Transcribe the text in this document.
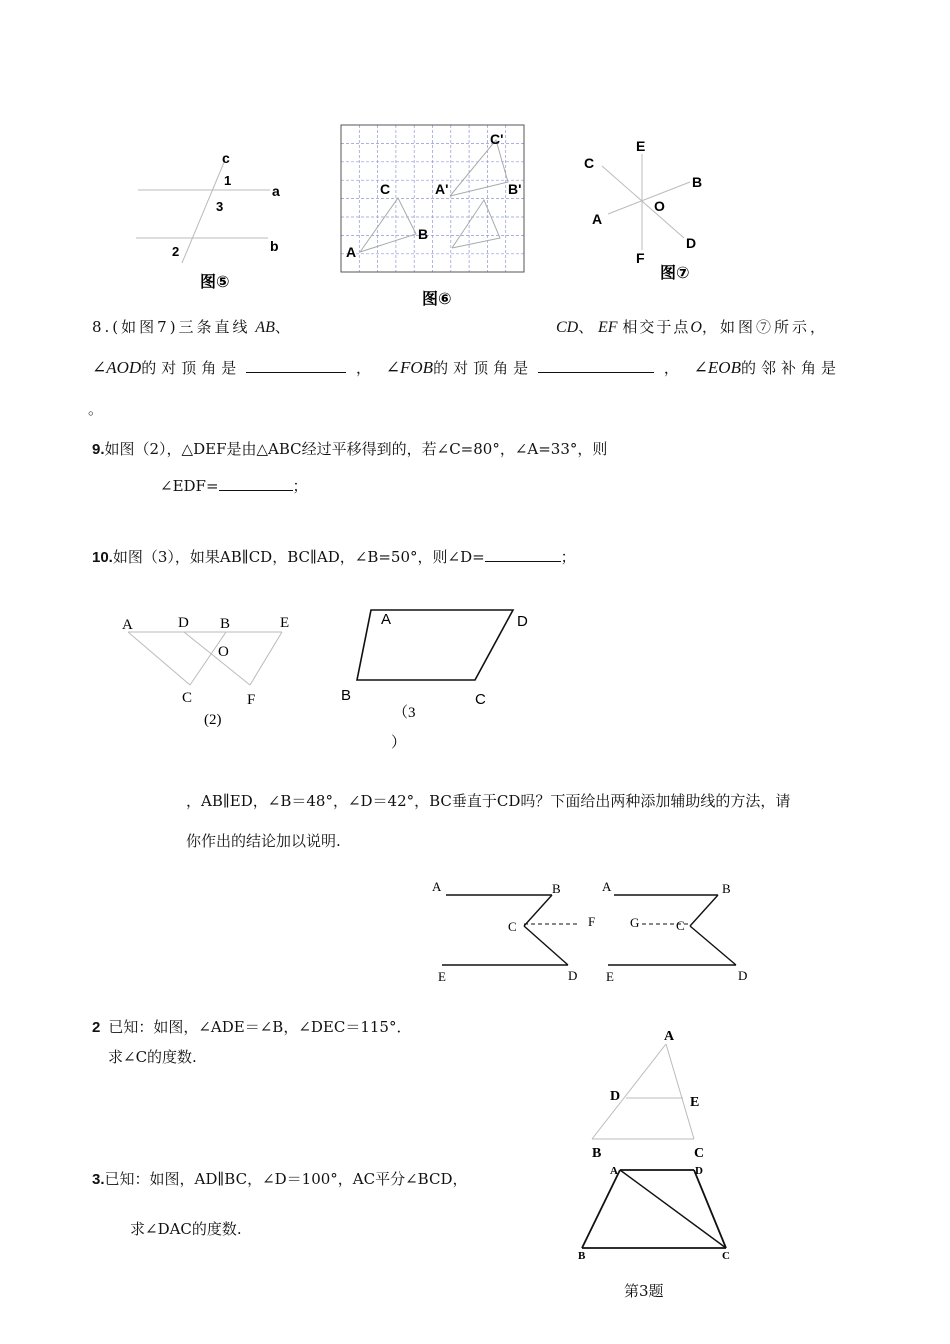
c
1
a
3
2	b
图⑤
A
B
C	A'	B'
C'
图⑥
E
C
B
O
A
D
F
图⑦
8.(如图7)三条直线 AB、	CD、 EF 相交于点O，如图⑦所示，
∠AOD的对顶角是	， ∠FOB的对顶角是	， ∠EOB的邻补角是
。
9.如图（2），△DEF是由△ABC经过平移得到的，若∠C=80°，∠A=33°，则
∠EDF=	；
10.如图（3），如果AB∥CD，BC∥AD，∠B=50°，则∠D=	；
A	D B	E
O
C	F
(2)
A	D
B	C
（3
）
，AB∥ED，∠B＝48°，∠D＝42°，BC垂直于CD吗？下面给出两种添加辅助线的方法，请
你作出的结论加以说明.
A	B
C	F
E	D
A	B
G	C
E	D
2 已知：如图，∠ADE＝∠B，∠DEC＝115°．
求∠C的度数.
A
D	E
B	C
3.已知：如图，AD∥BC，∠D＝100°，AC平分∠BCD，
求∠DAC的度数.
A	D
B	C
第3题
